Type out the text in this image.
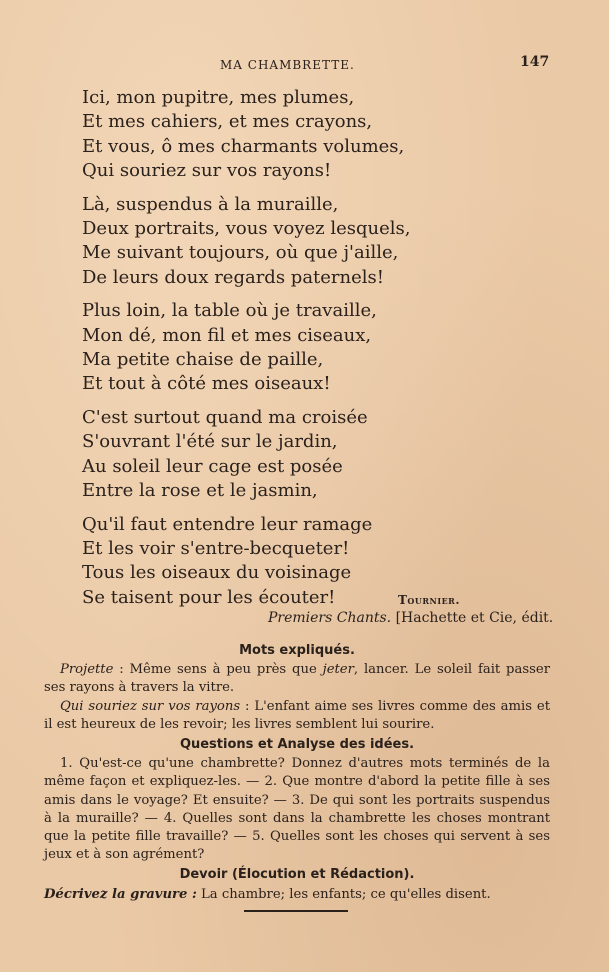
MA CHAMBRETTE.	147
Ici, mon pupitre, mes plumes,
Et mes cahiers, et mes crayons,
Et vous, ô mes charmants volumes,
Qui souriez sur vos rayons!
Là, suspendus à la muraille,
Deux portraits, vous voyez lesquels,
Me suivant toujours, où que j'aille,
De leurs doux regards paternels!
Plus loin, la table où je travaille,
Mon dé, mon fil et mes ciseaux,
Ma petite chaise de paille,
Et tout à côté mes oiseaux!
C'est surtout quand ma croisée
S'ouvrant l'été sur le jardin,
Au soleil leur cage est posée
Entre la rose et le jasmin,
Qu'il faut entendre leur ramage
Et les voir s'entre-becqueter!
Tous les oiseaux du voisinage
Se taisent pour les écouter!	Tournier.
Premiers Chants. [Hachette et Cie, édit.
Mots expliqués.

Projette : Même sens à peu près que jeter, lancer. Le soleil fait passer ses rayons à travers la vitre.

Qui souriez sur vos rayons : L'enfant aime ses livres comme des amis et il est heureux de les revoir; les livres semblent lui sourire.

Questions et Analyse des idées.

1. Qu'est-ce qu'une chambrette? Donnez d'autres mots terminés de la même façon et expliquez-les. — 2. Que montre d'abord la petite fille à ses amis dans le voyage? Et ensuite? — 3. De qui sont les portraits suspendus à la muraille? — 4. Quelles sont dans la chambrette les choses montrant que la petite fille travaille? — 5. Quelles sont les choses qui servent à ses jeux et à son agrément?

Devoir (Élocution et Rédaction).

Décrivez la gravure : La chambre; les enfants; ce qu'elles disent.
